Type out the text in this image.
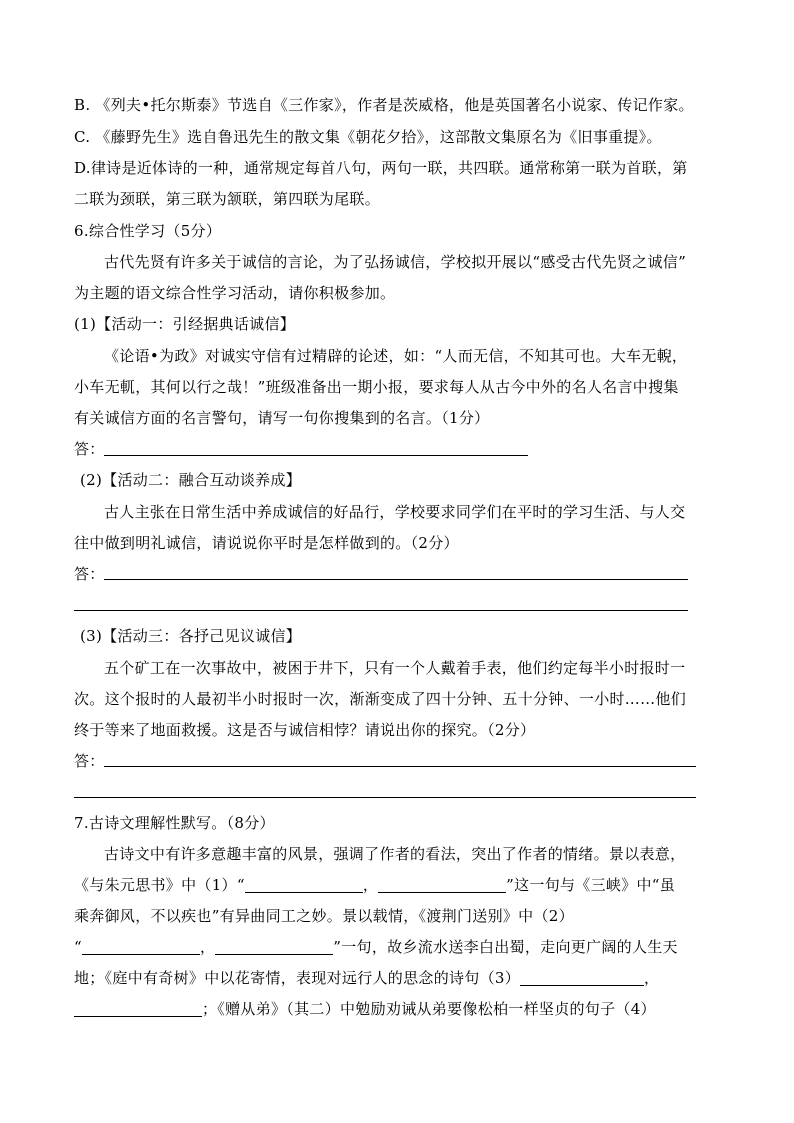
B. 《列夫•托尔斯泰》节选自《三作家》，作者是茨威格，他是英国著名小说家、传记作家。
C. 《藤野先生》选自鲁迅先生的散文集《朝花夕拾》，这部散文集原名为《旧事重提》。
D.律诗是近体诗的一种，通常规定每首八句，两句一联，共四联。通常称第一联为首联，第
二联为颈联，第三联为颔联，第四联为尾联。
6.综合性学习（5分）
古代先贤有许多关于诚信的言论，为了弘扬诚信，学校拟开展以“感受古代先贤之诚信”
为主题的语文综合性学习活动，请你积极参加。
(1)【活动一：引经据典话诚信】
《论语•为政》对诚实守信有过精辟的论述，如：“人而无信，不知其可也。大车无輗，
小车无軏，其何以行之哉！”班级准备出一期小报，要求每人从古今中外的名人名言中搜集
有关诚信方面的名言警句，请写一句你搜集到的名言。（1分）
答：
(2)【活动二：融合互动谈养成】
古人主张在日常生活中养成诚信的好品行，学校要求同学们在平时的学习生活、与人交
往中做到明礼诚信，请说说你平时是怎样做到的。（2分）
答：
(3)【活动三：各抒己见议诚信】
五个矿工在一次事故中，被困于井下，只有一个人戴着手表，他们约定每半小时报时一
次。这个报时的人最初半小时报时一次，渐渐变成了四十分钟、五十分钟、一小时……他们
终于等来了地面救援。这是否与诚信相悖？请说出你的探究。（2分）
答：
7.古诗文理解性默写。（8分）
古诗文中有许多意趣丰富的风景，强调了作者的看法，突出了作者的情绪。景以表意，
《与朱元思书》中（1）“	，	”这一句与《三峡》中“虽
乘奔御风，不以疾也”有异曲同工之妙。景以载情，《渡荆门送别》中（2）
“	，	”一句，故乡流水送李白出蜀，走向更广阔的人生天
地；《庭中有奇树》中以花寄情，表现对远行人的思念的诗句（3）	，
；《赠从弟》（其二）中勉励劝诫从弟要像松柏一样坚贞的句子（4）
